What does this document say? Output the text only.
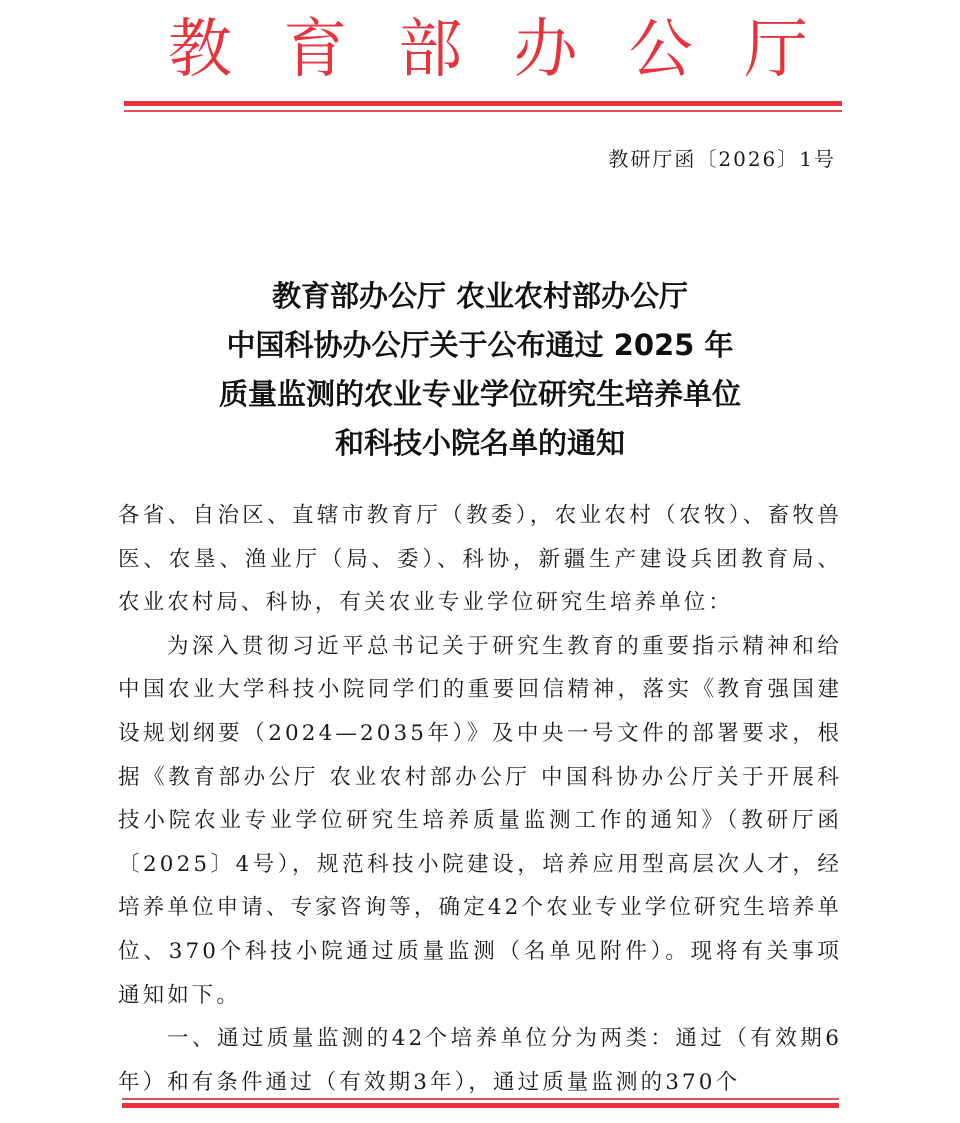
教 育 部 办 公 厅
教研厅函〔2026〕1号
教育部办公厅 农业农村部办公厅
中国科协办公厅关于公布通过 2025 年
质量监测的农业专业学位研究生培养单位
和科技小院名单的通知

各省、自治区、直辖市教育厅（教委），农业农村（农牧）、畜牧兽医、农垦、渔业厅（局、委）、科协，新疆生产建设兵团教育局、农业农村局、科协，有关农业专业学位研究生培养单位：

为深入贯彻习近平总书记关于研究生教育的重要指示精神和给中国农业大学科技小院同学们的重要回信精神，落实《教育强国建设规划纲要（2024—2035年）》及中央一号文件的部署要求，根据《教育部办公厅 农业农村部办公厅 中国科协办公厅关于开展科技小院农业专业学位研究生培养质量监测工作的通知》（教研厅函〔2025〕4号），规范科技小院建设，培养应用型高层次人才，经培养单位申请、专家咨询等，确定42个农业专业学位研究生培养单位、370个科技小院通过质量监测（名单见附件）。现将有关事项通知如下。

一、通过质量监测的42个培养单位分为两类：通过（有效期6年）和有条件通过（有效期3年），通过质量监测的370个
